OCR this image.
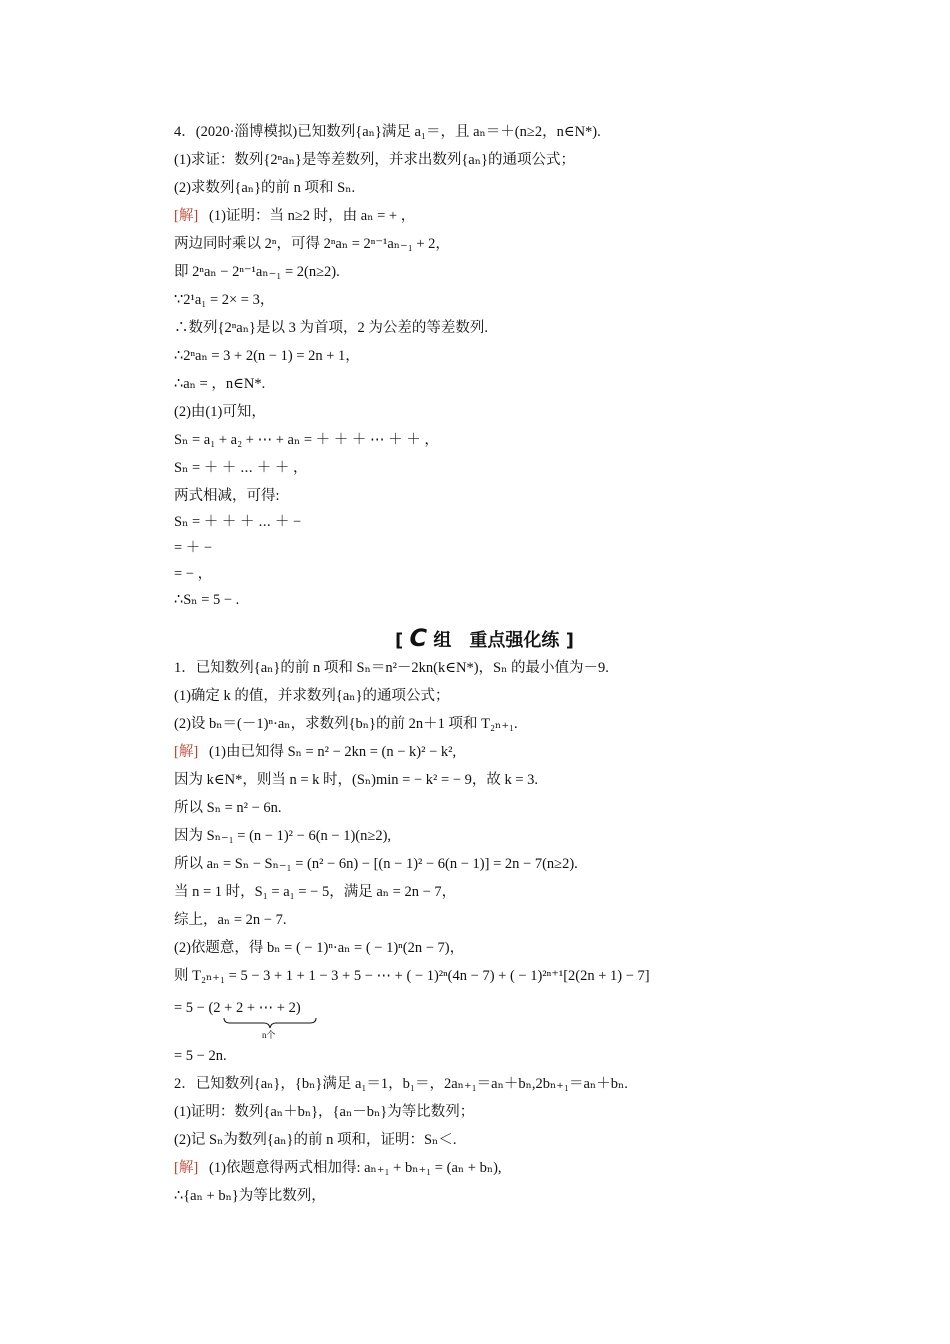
4．(2020·淄博模拟)已知数列{aₙ}满足 a₁＝，且 aₙ＝＋(n≥2，n∈N*).
(1)求证：数列{2ⁿaₙ}是等差数列，并求出数列{aₙ}的通项公式；
(2)求数列{aₙ}的前 n 项和 Sₙ.
[解] (1)证明：当 n≥2 时，由 aₙ = + ，
两边同时乘以 2ⁿ，可得 2ⁿaₙ = 2ⁿ⁻¹aₙ₋₁ + 2，
即 2ⁿaₙ − 2ⁿ⁻¹aₙ₋₁ = 2(n≥2).
∵2¹a₁ = 2× = 3，
∴数列{2ⁿaₙ}是以 3 为首项，2 为公差的等差数列.
∴2ⁿaₙ = 3 + 2(n − 1) = 2n + 1，
∴aₙ = ，n∈N*.
(2)由(1)可知，
Sₙ = a₁ + a₂ + ⋯ + aₙ = ＋ ＋ ＋ ⋯ ＋ ＋ ，
Sₙ = ＋ ＋ ⋯ ＋ ＋ ，
两式相减，可得:
Sₙ = ＋ ＋ ＋ ⋯ ＋ −
= ＋ −
= − ，
∴Sₙ = 5 − .
[ C 组　重点强化练 ]
1．已知数列{aₙ}的前 n 项和 Sₙ＝n²－2kn(k∈N*)，Sₙ 的最小值为－9.
(1)确定 k 的值，并求数列{aₙ}的通项公式；
(2)设 bₙ＝(－1)ⁿ·aₙ，求数列{bₙ}的前 2n＋1 项和 T₂ₙ₊₁.
[解] (1)由已知得 Sₙ = n² − 2kn = (n − k)² − k²,
因为 k∈N*，则当 n = k 时，(Sₙ)min = − k² = − 9，故 k = 3.
所以 Sₙ = n² − 6n.
因为 Sₙ₋₁ = (n − 1)² − 6(n − 1)(n≥2),
所以 aₙ = Sₙ − Sₙ₋₁ = (n² − 6n) − [(n − 1)² − 6(n − 1)] = 2n − 7(n≥2).
当 n = 1 时，S₁ = a₁ = − 5，满足 aₙ = 2n − 7，
综上，aₙ = 2n − 7.
(2)依题意，得 bₙ = ( − 1)ⁿ·aₙ = ( − 1)ⁿ(2n − 7)，
则 T₂ₙ₊₁ = 5 − 3 + 1 + 1 − 3 + 5 − ⋯ + ( − 1)²ⁿ(4n − 7) + ( − 1)²ⁿ⁺¹[2(2n + 1) − 7]
= 5 − (2 + 2 + ⋯ + 2)
n个
= 5 − 2n.
2．已知数列{aₙ}，{bₙ}满足 a₁＝1，b₁＝，2aₙ₊₁＝aₙ＋bₙ,2bₙ₊₁＝aₙ＋bₙ.
(1)证明：数列{aₙ＋bₙ}，{aₙ－bₙ}为等比数列；
(2)记 Sₙ为数列{aₙ}的前 n 项和，证明：Sₙ＜.
[解] (1)依题意得两式相加得: aₙ₊₁ + bₙ₊₁ = (aₙ + bₙ),
∴{aₙ + bₙ}为等比数列，
